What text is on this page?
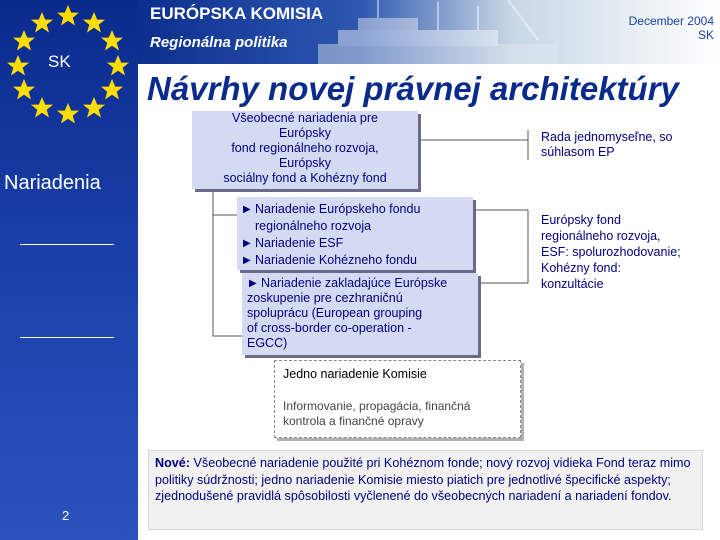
SK
Nariadenia
2
EURÓPSKA KOMISIA
Regionálna politika
December 2004
SK
Návrhy novej právnej architektúry
Všeobecné nariadenia pre
Európsky
fond regionálneho rozvoja,
Európsky
sociálny fond a Kohézny fond
▶ Nariadenie Európskeho fondu
regionálneho rozvoja
▶ Nariadenie ESF
▶ Nariadenie Kohézneho fondu
▶ Nariadenie zakladajúce Európske
zoskupenie pre cezhraničnú
spoluprácu (European grouping
of cross-border co-operation -
EGCC)
Rada jednomyseľne, so
súhlasom EP
Európsky fond
regionálneho rozvoja,
ESF: spolurozhodovanie;
Kohézny fond:
konzultácie
Jedno nariadenie Komisie
Informovanie, propagácia, finančná
kontrola a finančné opravy
Nové: Všeobecné nariadenie použité pri Kohéznom fonde; nový rozvoj vidieka Fond teraz mimo politiky súdržnosti; jedno nariadenie Komisie miesto piatich pre jednotlivé špecifické aspekty; zjednodušené pravidlá spôsobilosti vyčlenené do všeobecných nariadení a nariadení fondov.
